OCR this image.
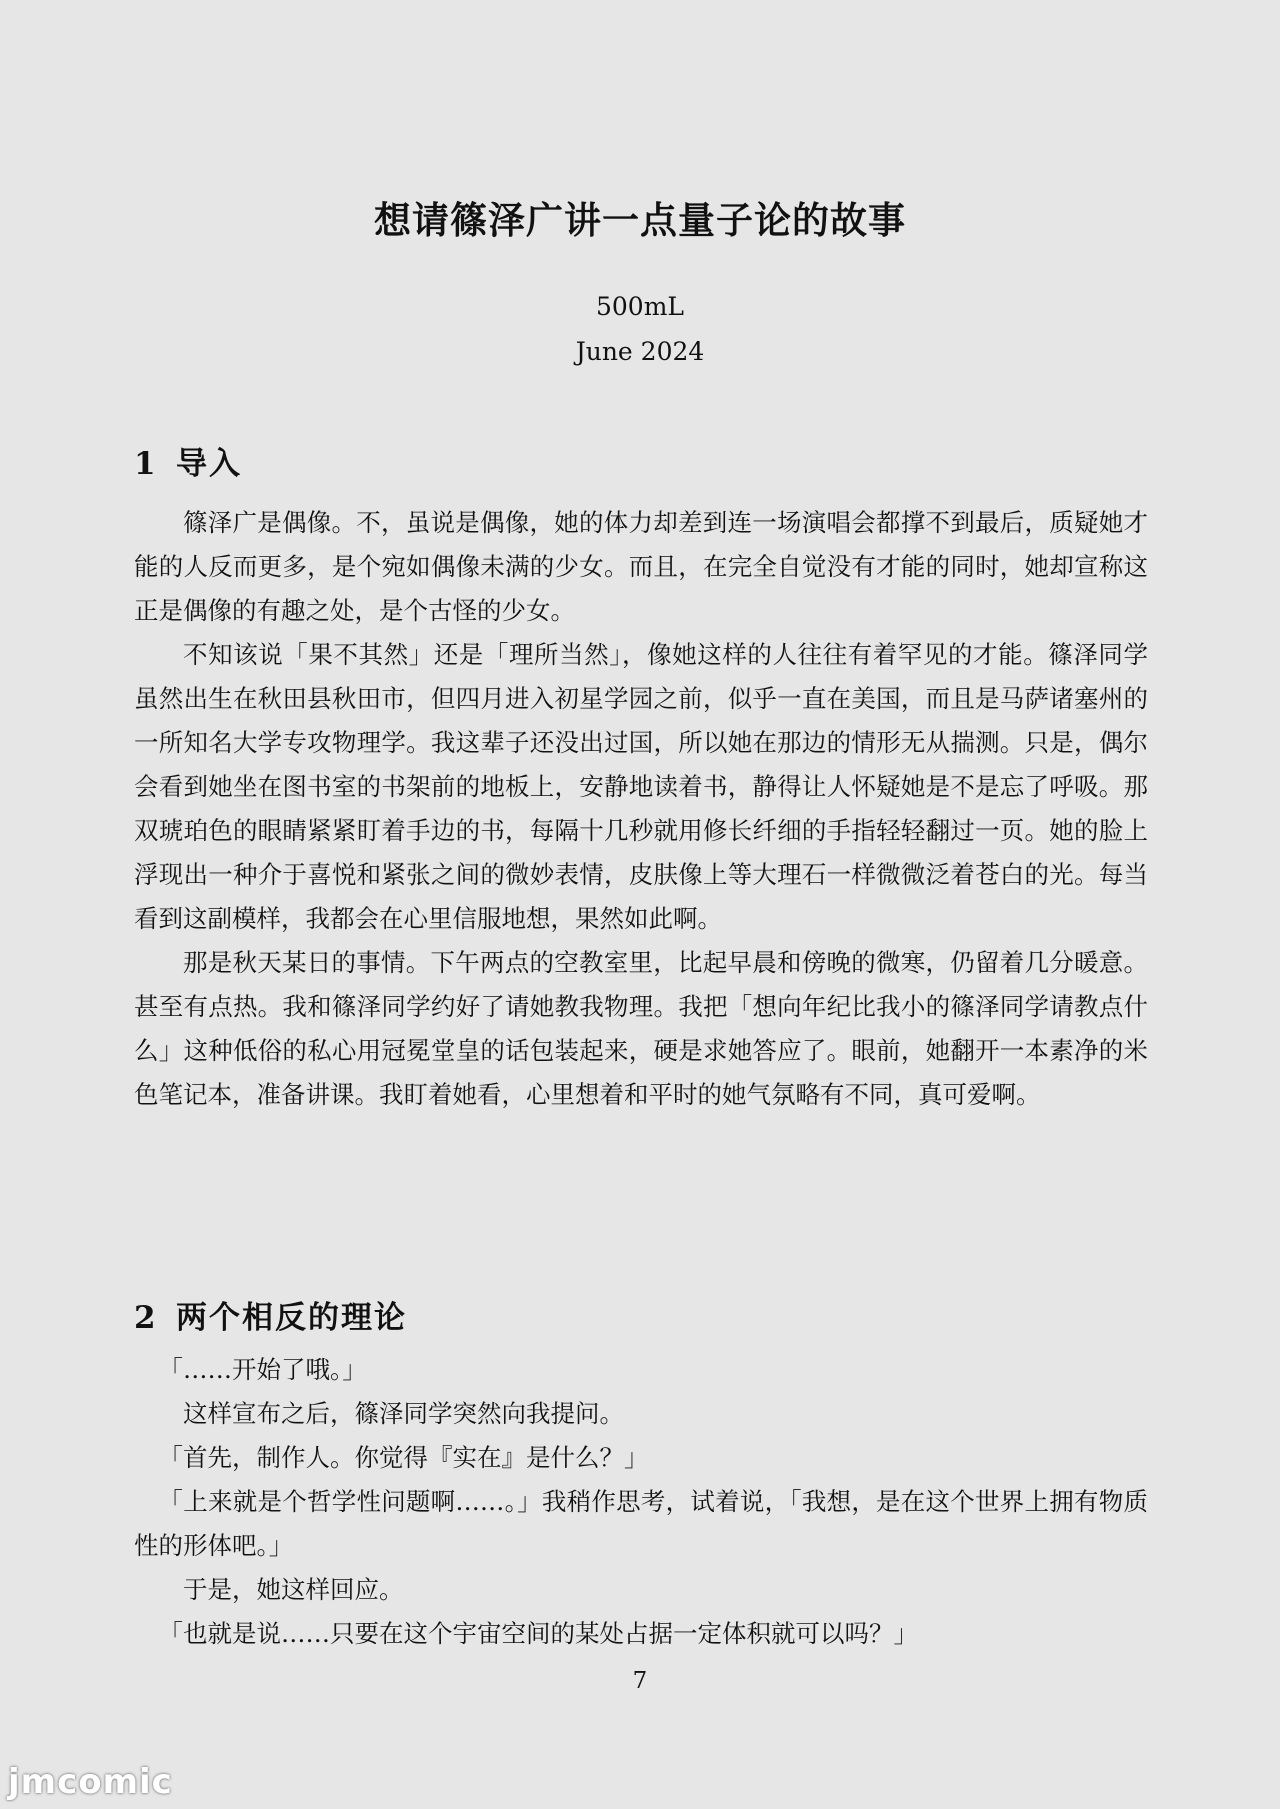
想请篠泽广讲一点量子论的故事
500mL
June 2024
1 导入

篠泽广是偶像。不，虽说是偶像，她的体力却差到连一场演唱会都撑不到最后，质疑她才能的人反而更多，是个宛如偶像未满的少女。而且，在完全自觉没有才能的同时，她却宣称这正是偶像的有趣之处，是个古怪的少女。

不知该说「果不其然」还是「理所当然」，像她这样的人往往有着罕见的才能。篠泽同学虽然出生在秋田县秋田市，但四月进入初星学园之前，似乎一直在美国，而且是马萨诸塞州的一所知名大学专攻物理学。我这辈子还没出过国，所以她在那边的情形无从揣测。只是，偶尔会看到她坐在图书室的书架前的地板上，安静地读着书，静得让人怀疑她是不是忘了呼吸。那双琥珀色的眼睛紧紧盯着手边的书，每隔十几秒就用修长纤细的手指轻轻翻过一页。她的脸上浮现出一种介于喜悦和紧张之间的微妙表情，皮肤像上等大理石一样微微泛着苍白的光。每当看到这副模样，我都会在心里信服地想，果然如此啊。

那是秋天某日的事情。下午两点的空教室里，比起早晨和傍晚的微寒，仍留着几分暖意。甚至有点热。我和篠泽同学约好了请她教我物理。我把「想向年纪比我小的篠泽同学请教点什么」这种低俗的私心用冠冕堂皇的话包装起来，硬是求她答应了。眼前，她翻开一本素净的米色笔记本，准备讲课。我盯着她看，心里想着和平时的她气氛略有不同，真可爱啊。

2 两个相反的理论

「……开始了哦。」

这样宣布之后，篠泽同学突然向我提问。

「首先，制作人。你觉得『实在』是什么？」

「上来就是个哲学性问题啊……。」我稍作思考，试着说，「我想，是在这个世界上拥有物质性的形体吧。」

于是，她这样回应。

「也就是说……只要在这个宇宙空间的某处占据一定体积就可以吗？」

7
jmcomic
